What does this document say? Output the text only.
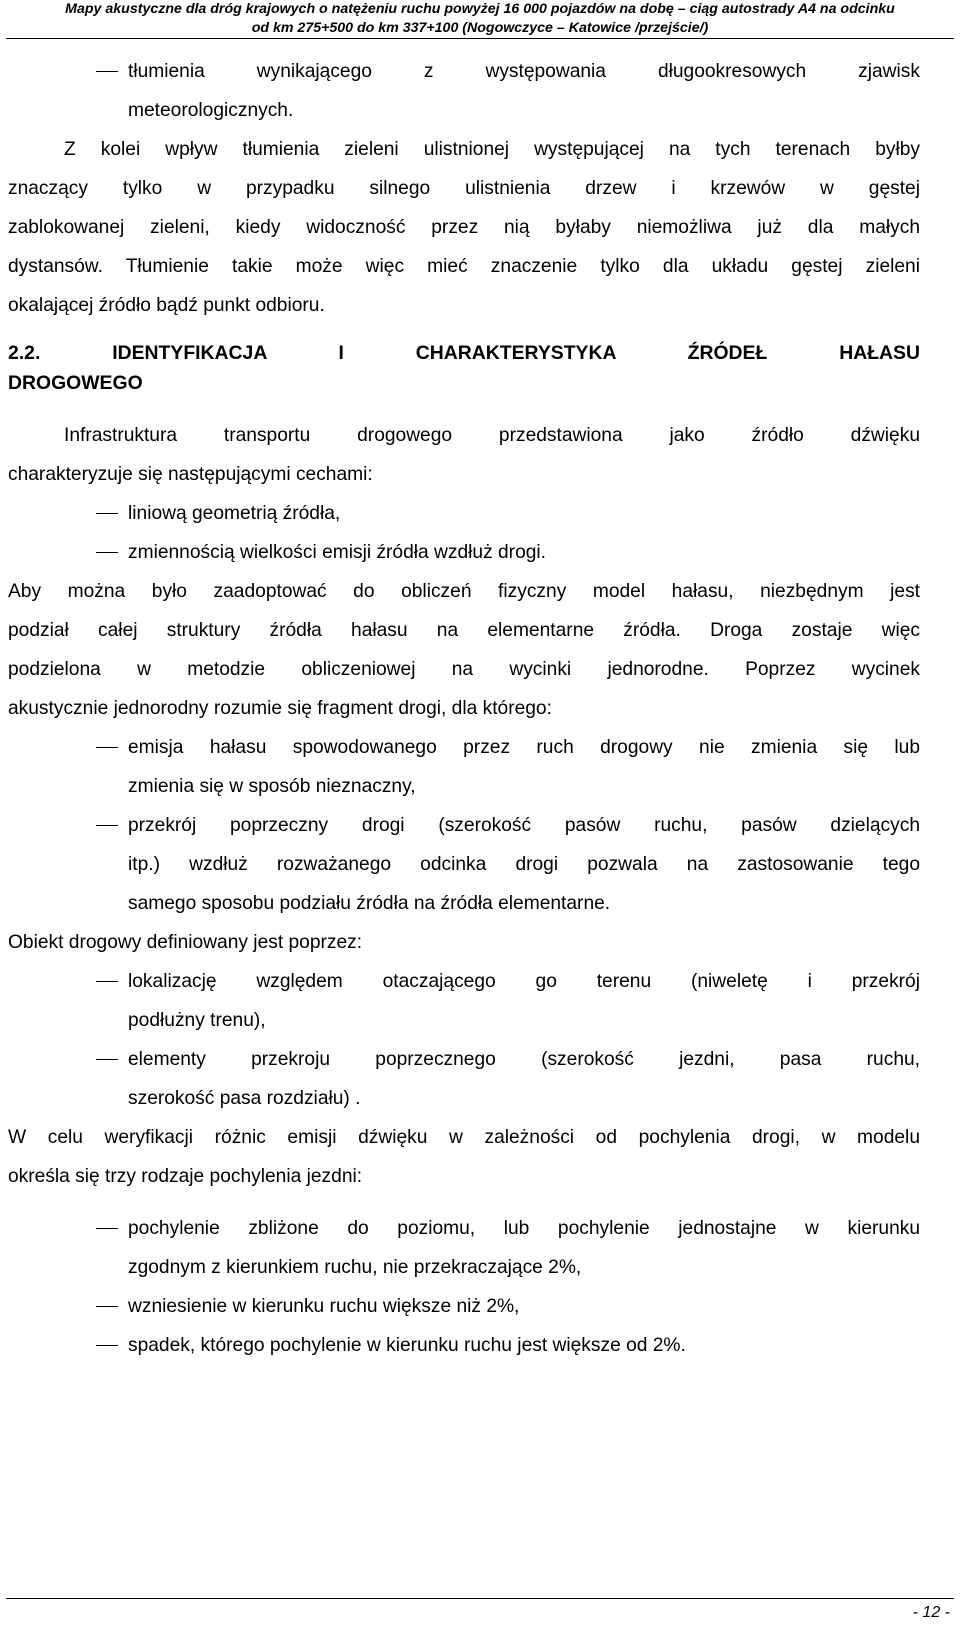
Mapy akustyczne dla dróg krajowych o natężeniu ruchu powyżej 16 000 pojazdów na dobę – ciąg autostrady A4 na odcinku
od km 275+500 do km 337+100 (Nogowczyce – Katowice /przejście/)
tłumienia wynikającego z występowania długookresowych zjawisk
meteorologicznych.
Z kolei wpływ tłumienia zieleni ulistnionej występującej na tych terenach byłby
znaczący tylko w przypadku silnego ulistnienia drzew i krzewów w gęstej
zablokowanej zieleni, kiedy widoczność przez nią byłaby niemożliwa już dla małych
dystansów. Tłumienie takie może więc mieć znaczenie tylko dla układu gęstej zieleni
okalającej źródło bądź punkt odbioru.
2.2. IDENTYFIKACJA I CHARAKTERYSTYKA ŹRÓDEŁ HAŁASU
DROGOWEGO
Infrastruktura transportu drogowego przedstawiona jako źródło dźwięku
charakteryzuje się następującymi cechami:
liniową geometrią źródła,
zmiennością wielkości emisji źródła wzdłuż drogi.
Aby można było zaadoptować do obliczeń fizyczny model hałasu, niezbędnym jest
podział całej struktury źródła hałasu na elementarne źródła. Droga zostaje więc
podzielona w metodzie obliczeniowej na wycinki jednorodne. Poprzez wycinek
akustycznie jednorodny rozumie się fragment drogi, dla którego:
emisja hałasu spowodowanego przez ruch drogowy nie zmienia się lub
zmienia się w sposób nieznaczny,
przekrój poprzeczny drogi (szerokość pasów ruchu, pasów dzielących
itp.) wzdłuż rozważanego odcinka drogi pozwala na zastosowanie tego
samego sposobu podziału źródła na źródła elementarne.
Obiekt drogowy definiowany jest poprzez:
lokalizację względem otaczającego go terenu (niweletę i przekrój
podłużny trenu),
elementy przekroju poprzecznego (szerokość jezdni, pasa ruchu,
szerokość pasa rozdziału) .
W celu weryfikacji różnic emisji dźwięku w zależności od pochylenia drogi, w modelu
określa się trzy rodzaje pochylenia jezdni:
pochylenie zbliżone do poziomu, lub pochylenie jednostajne w kierunku
zgodnym z kierunkiem ruchu, nie przekraczające 2%,
wzniesienie w kierunku ruchu większe niż 2%,
spadek, którego pochylenie w kierunku ruchu jest większe od 2%.
- 12 -
